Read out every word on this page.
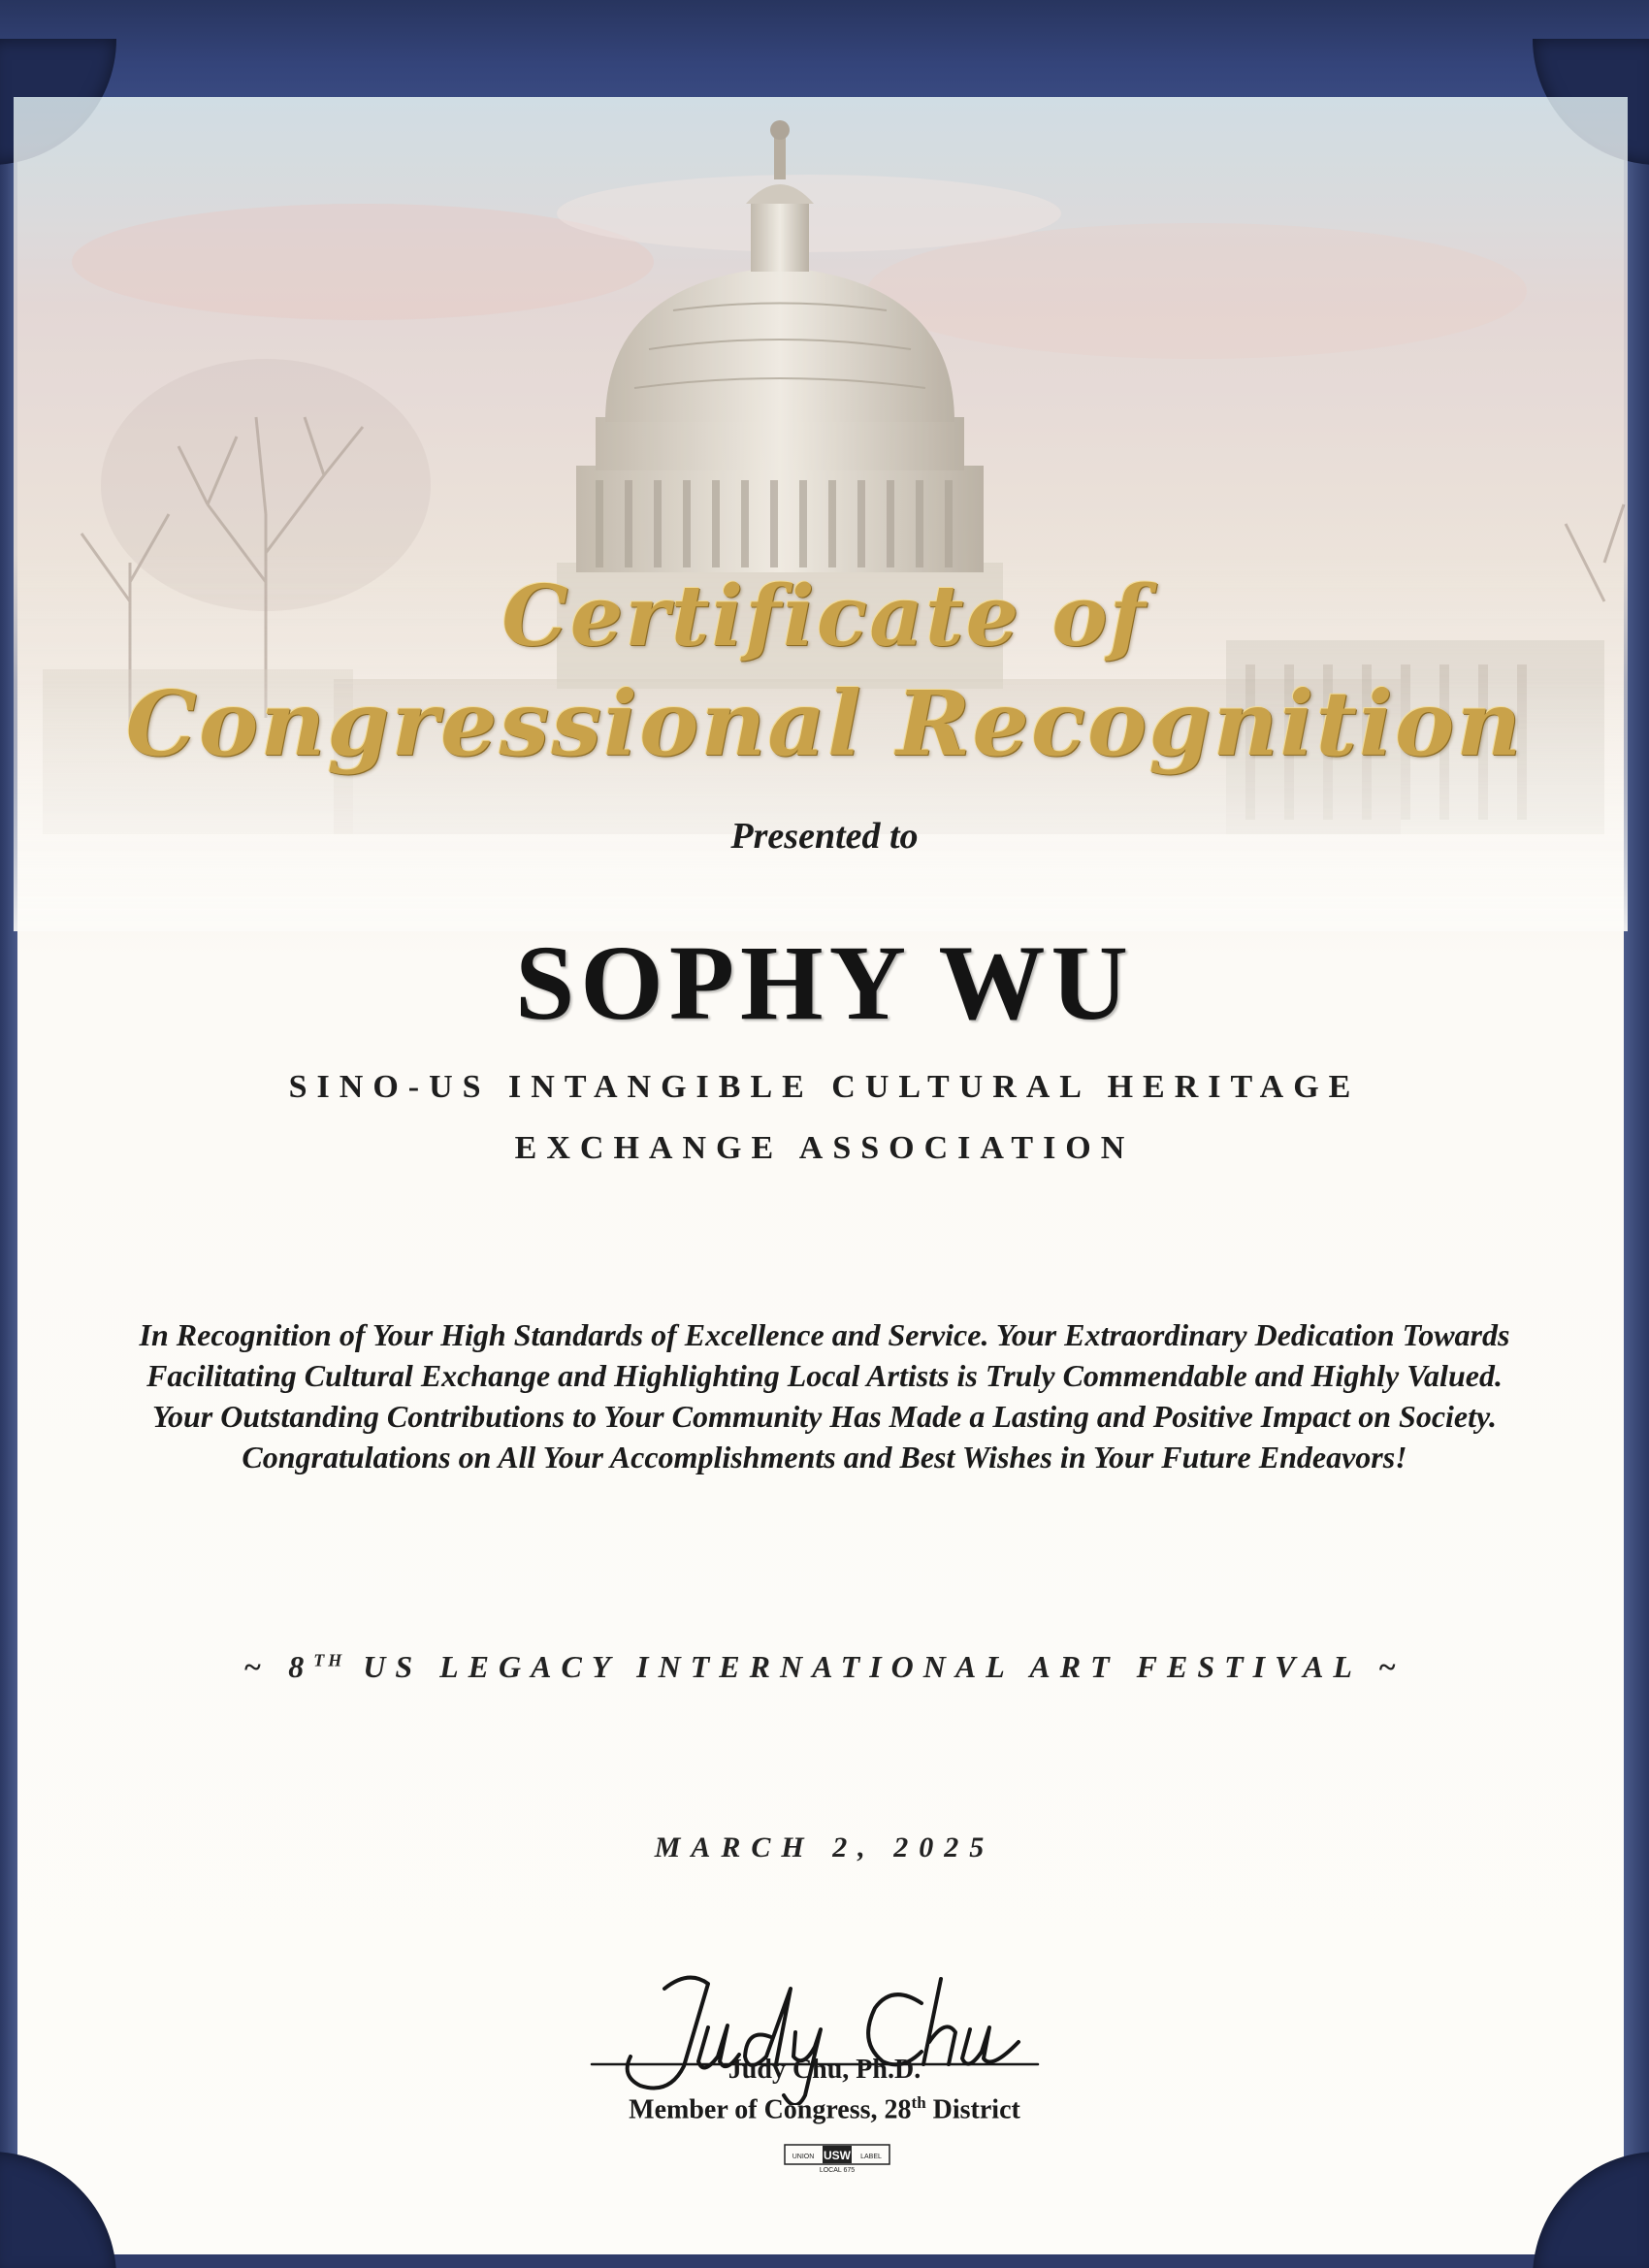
Certificate of
Congressional Recognition
Presented to
SOPHY WU
SINO-US INTANGIBLE CULTURAL HERITAGE
EXCHANGE ASSOCIATION

In Recognition of Your High Standards of Excellence and Service. Your Extraordinary Dedication Towards Facilitating Cultural Exchange and Highlighting Local Artists is Truly Commendable and Highly Valued. Your Outstanding Contributions to Your Community Has Made a Lasting and Positive Impact on Society. Congratulations on All Your Accomplishments and Best Wishes in Your Future Endeavors!

~ 8TH US LEGACY INTERNATIONAL ART FESTIVAL ~
MARCH 2, 2025
Judy Chu, Ph.D.
Member of Congress, 28th District
UNION USW LABEL
LOCAL 675
